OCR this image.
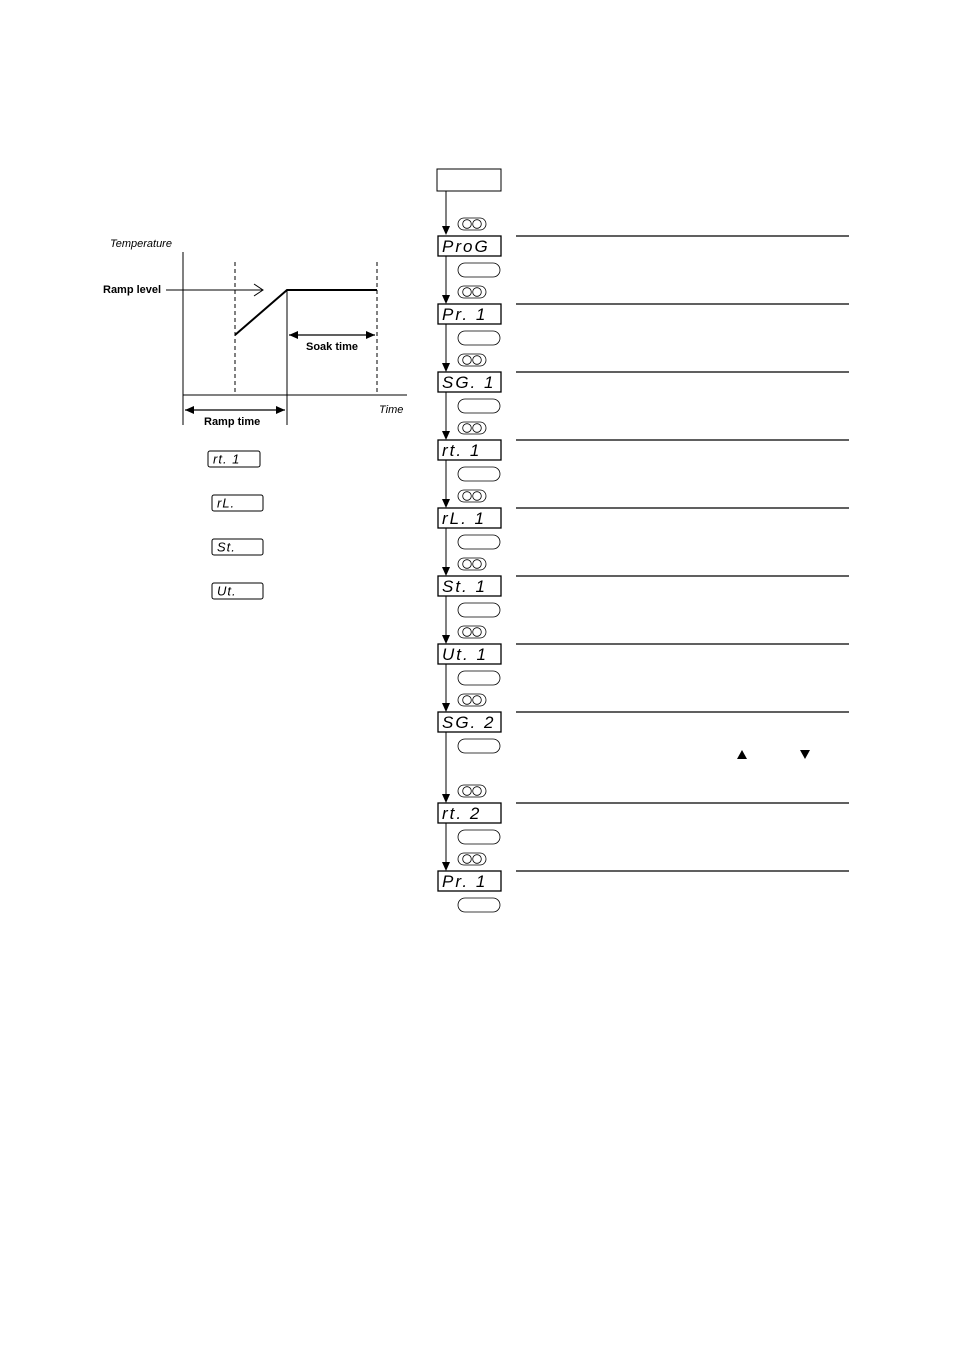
Temperature
Time
Ramp level
Soak time
Ramp time
rt. 1
rL.
St.
Ut.
ProG
Pr. 1
SG. 1
rt. 1
rL. 1
St. 1
Ut. 1
SG. 2
rt. 2
Pr. 1
